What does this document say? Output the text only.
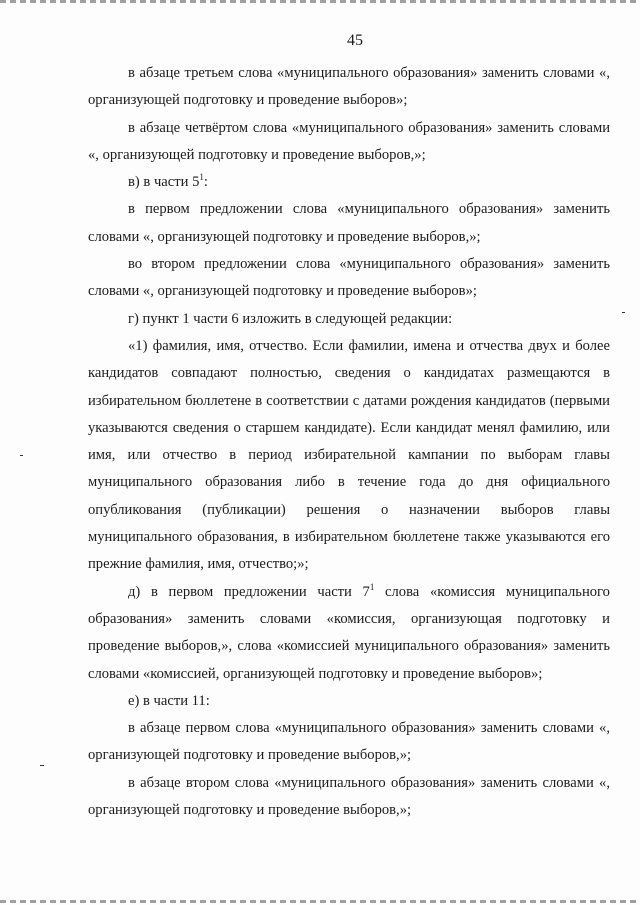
45

в абзаце третьем слова «муниципального образования» заменить словами «, организующей подготовку и проведение выборов»;

в абзаце четвёртом слова «муниципального образования» заменить словами «, организующей подготовку и проведение выборов,»;

в) в части $5^1$:

в первом предложении слова «муниципального образования» заменить словами «, организующей подготовку и проведение выборов,»;

во втором предложении слова «муниципального образования» заменить словами «, организующей подготовку и проведение выборов»;

г) пункт 1 части 6 изложить в следующей редакции:

«1) фамилия, имя, отчество. Если фамилии, имена и отчества двух и более кандидатов совпадают полностью, сведения о кандидатах размещаются в избирательном бюллетене в соответствии с датами рождения кандидатов (первыми указываются сведения о старшем кандидате). Если кандидат менял фамилию, или имя, или отчество в период избирательной кампании по выборам главы муниципального образования либо в течение года до дня официального опубликования (публикации) решения о назначении выборов главы муниципального образования, в избирательном бюллетене также указываются его прежние фамилия, имя, отчество;»;

д) в первом предложении части $7^1$ слова «комиссия муниципального образования» заменить словами «комиссия, организующая подготовку и проведение выборов,», слова «комиссией муниципального образования» заменить словами «комиссией, организующей подготовку и проведение выборов»;

е) в части 11:

в абзаце первом слова «муниципального образования» заменить словами «, организующей подготовку и проведение выборов,»;

в абзаце втором слова «муниципального образования» заменить словами «, организующей подготовку и проведение выборов,»;
